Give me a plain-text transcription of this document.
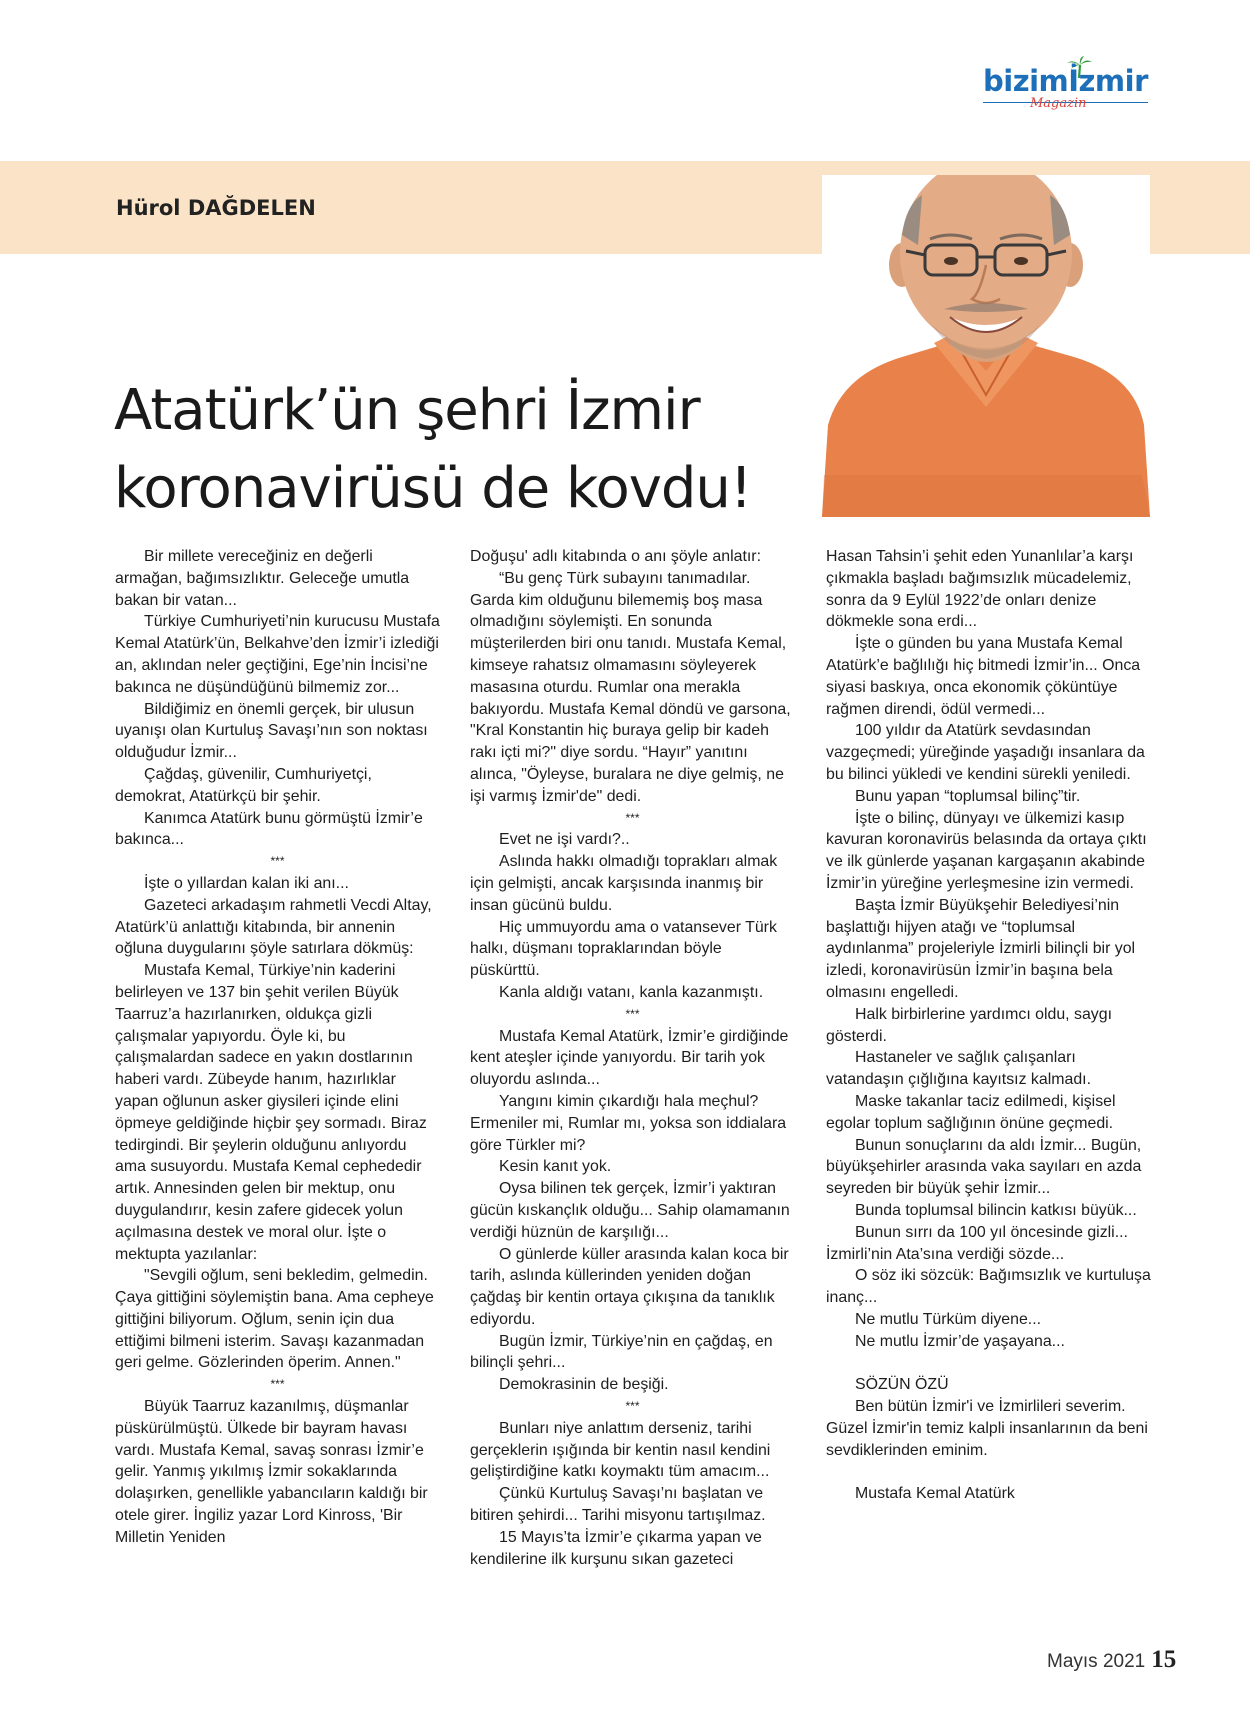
bizimİzmir
Magazin
Hürol DAĞDELEN
Atatürk’ün şehri İzmir koronavirüsü de kovdu!

Bir millete vereceğiniz en değerli armağan, bağımsızlıktır. Geleceğe umutla bakan bir vatan...

Türkiye Cumhuriyeti’nin kurucusu Mustafa Kemal Atatürk’ün, Belkahve’den İzmir’i izlediği an, aklından neler geçtiğini, Ege’nin İncisi’ne bakınca ne düşündüğünü bilmemiz zor...

Bildiğimiz en önemli gerçek, bir ulusun uyanışı olan Kurtuluş Savaşı’nın son noktası olduğudur İzmir...

Çağdaş, güvenilir, Cumhuriyetçi, demokrat, Atatürkçü bir şehir.

Kanımca Atatürk bunu görmüştü İzmir’e bakınca...

***

İşte o yıllardan kalan iki anı...

Gazeteci arkadaşım rahmetli Vecdi Altay, Atatürk’ü anlattığı kitabında, bir annenin oğluna duygularını şöyle satırlara dökmüş:

Mustafa Kemal, Türkiye’nin kaderini belirleyen ve 137 bin şehit verilen Büyük Taarruz’a hazırlanırken, oldukça gizli çalışmalar yapıyordu. Öyle ki, bu çalışmalardan sadece en yakın dostlarının haberi vardı. Zübeyde hanım, hazırlıklar yapan oğlunun asker giysileri içinde elini öpmeye geldiğinde hiçbir şey sormadı. Biraz tedirgindi. Bir şeylerin olduğunu anlıyordu ama susuyordu. Mustafa Kemal cephededir artık. Annesinden gelen bir mektup, onu duygulandırır, kesin zafere gidecek yolun açılmasına destek ve moral olur. İşte o mektupta yazılanlar:

"Sevgili oğlum, seni bekledim, gelmedin. Çaya gittiğini söylemiştin bana. Ama cepheye gittiğini biliyorum. Oğlum, senin için dua ettiğimi bilmeni isterim. Savaşı kazanmadan geri gelme. Gözlerinden öperim. Annen."

***

Büyük Taarruz kazanılmış, düşmanlar püskürülmüştü. Ülkede bir bayram havası vardı. Mustafa Kemal, savaş sonrası İzmir’e gelir. Yanmış yıkılmış İzmir sokaklarında dolaşırken, genellikle yabancıların kaldığı bir otele girer. İngiliz yazar Lord Kinross, 'Bir Milletin Yeniden

Doğuşu' adlı kitabında o anı şöyle anlatır:

“Bu genç Türk subayını tanımadılar. Garda kim olduğunu bilememiş boş masa olmadığını söylemişti. En sonunda müşterilerden biri onu tanıdı. Mustafa Kemal, kimseye rahatsız olmamasını söyleyerek masasına oturdu. Rumlar ona merakla bakıyordu. Mustafa Kemal döndü ve garsona, "Kral Konstantin hiç buraya gelip bir kadeh rakı içti mi?" diye sordu. “Hayır” yanıtını alınca, "Öyleyse, buralara ne diye gelmiş, ne işi varmış İzmir'de" dedi.

***

Evet ne işi vardı?..

Aslında hakkı olmadığı toprakları almak için gelmişti, ancak karşısında inanmış bir insan gücünü buldu.

Hiç ummuyordu ama o vatansever Türk halkı, düşmanı topraklarından böyle püskürttü.

Kanla aldığı vatanı, kanla kazanmıştı.

***

Mustafa Kemal Atatürk, İzmir’e girdiğinde kent ateşler içinde yanıyordu. Bir tarih yok oluyordu aslında...

Yangını kimin çıkardığı hala meçhul? Ermeniler mi, Rumlar mı, yoksa son iddialara göre Türkler mi?

Kesin kanıt yok.

Oysa bilinen tek gerçek, İzmir’i yaktıran gücün kıskançlık olduğu... Sahip olamamanın verdiği hüznün de karşılığı...

O günlerde küller arasında kalan koca bir tarih, aslında küllerinden yeniden doğan çağdaş bir kentin ortaya çıkışına da tanıklık ediyordu.

Bugün İzmir, Türkiye’nin en çağdaş, en bilinçli şehri...

Demokrasinin de beşiği.

***

Bunları niye anlattım derseniz, tarihi gerçeklerin ışığında bir kentin nasıl kendini geliştirdiğine katkı koymaktı tüm amacım...

Çünkü Kurtuluş Savaşı’nı başlatan ve bitiren şehirdi... Tarihi misyonu tartışılmaz.

15 Mayıs’ta İzmir’e çıkarma yapan ve kendilerine ilk kurşunu sıkan gazeteci

Hasan Tahsin’i şehit eden Yunanlılar’a karşı çıkmakla başladı bağımsızlık mücadelemiz, sonra da 9 Eylül 1922’de onları denize dökmekle sona erdi...

İşte o günden bu yana Mustafa Kemal Atatürk’e bağlılığı hiç bitmedi İzmir’in... Onca siyasi baskıya, onca ekonomik çöküntüye rağmen direndi, ödül vermedi...

100 yıldır da Atatürk sevdasından vazgeçmedi; yüreğinde yaşadığı insanlara da bu bilinci yükledi ve kendini sürekli yeniledi.

Bunu yapan “toplumsal bilinç”tir.

İşte o bilinç, dünyayı ve ülkemizi kasıp kavuran koronavirüs belasında da ortaya çıktı ve ilk günlerde yaşanan kargaşanın akabinde İzmir’in yüreğine yerleşmesine izin vermedi.

Başta İzmir Büyükşehir Belediyesi’nin başlattığı hijyen atağı ve “toplumsal aydınlanma” projeleriyle İzmirli bilinçli bir yol izledi, koronavirüsün İzmir’in başına bela olmasını engelledi.

Halk birbirlerine yardımcı oldu, saygı gösterdi.

Hastaneler ve sağlık çalışanları vatandaşın çığlığına kayıtsız kalmadı.

Maske takanlar taciz edilmedi, kişisel egolar toplum sağlığının önüne geçmedi.

Bunun sonuçlarını da aldı İzmir... Bugün, büyükşehirler arasında vaka sayıları en azda seyreden bir büyük şehir İzmir...

Bunda toplumsal bilincin katkısı büyük...

Bunun sırrı da 100 yıl öncesinde gizli... İzmirli’nin Ata’sına verdiği sözde...

O söz iki sözcük: Bağımsızlık ve kurtuluşa inanç...

Ne mutlu Türküm diyene...

Ne mutlu İzmir’de yaşayana...

SÖZÜN ÖZÜ

Ben bütün İzmir'i ve İzmirlileri severim. Güzel İzmir'in temiz kalpli insanlarının da beni sevdiklerinden eminim.

Mustafa Kemal Atatürk

Mayıs 2021 15
